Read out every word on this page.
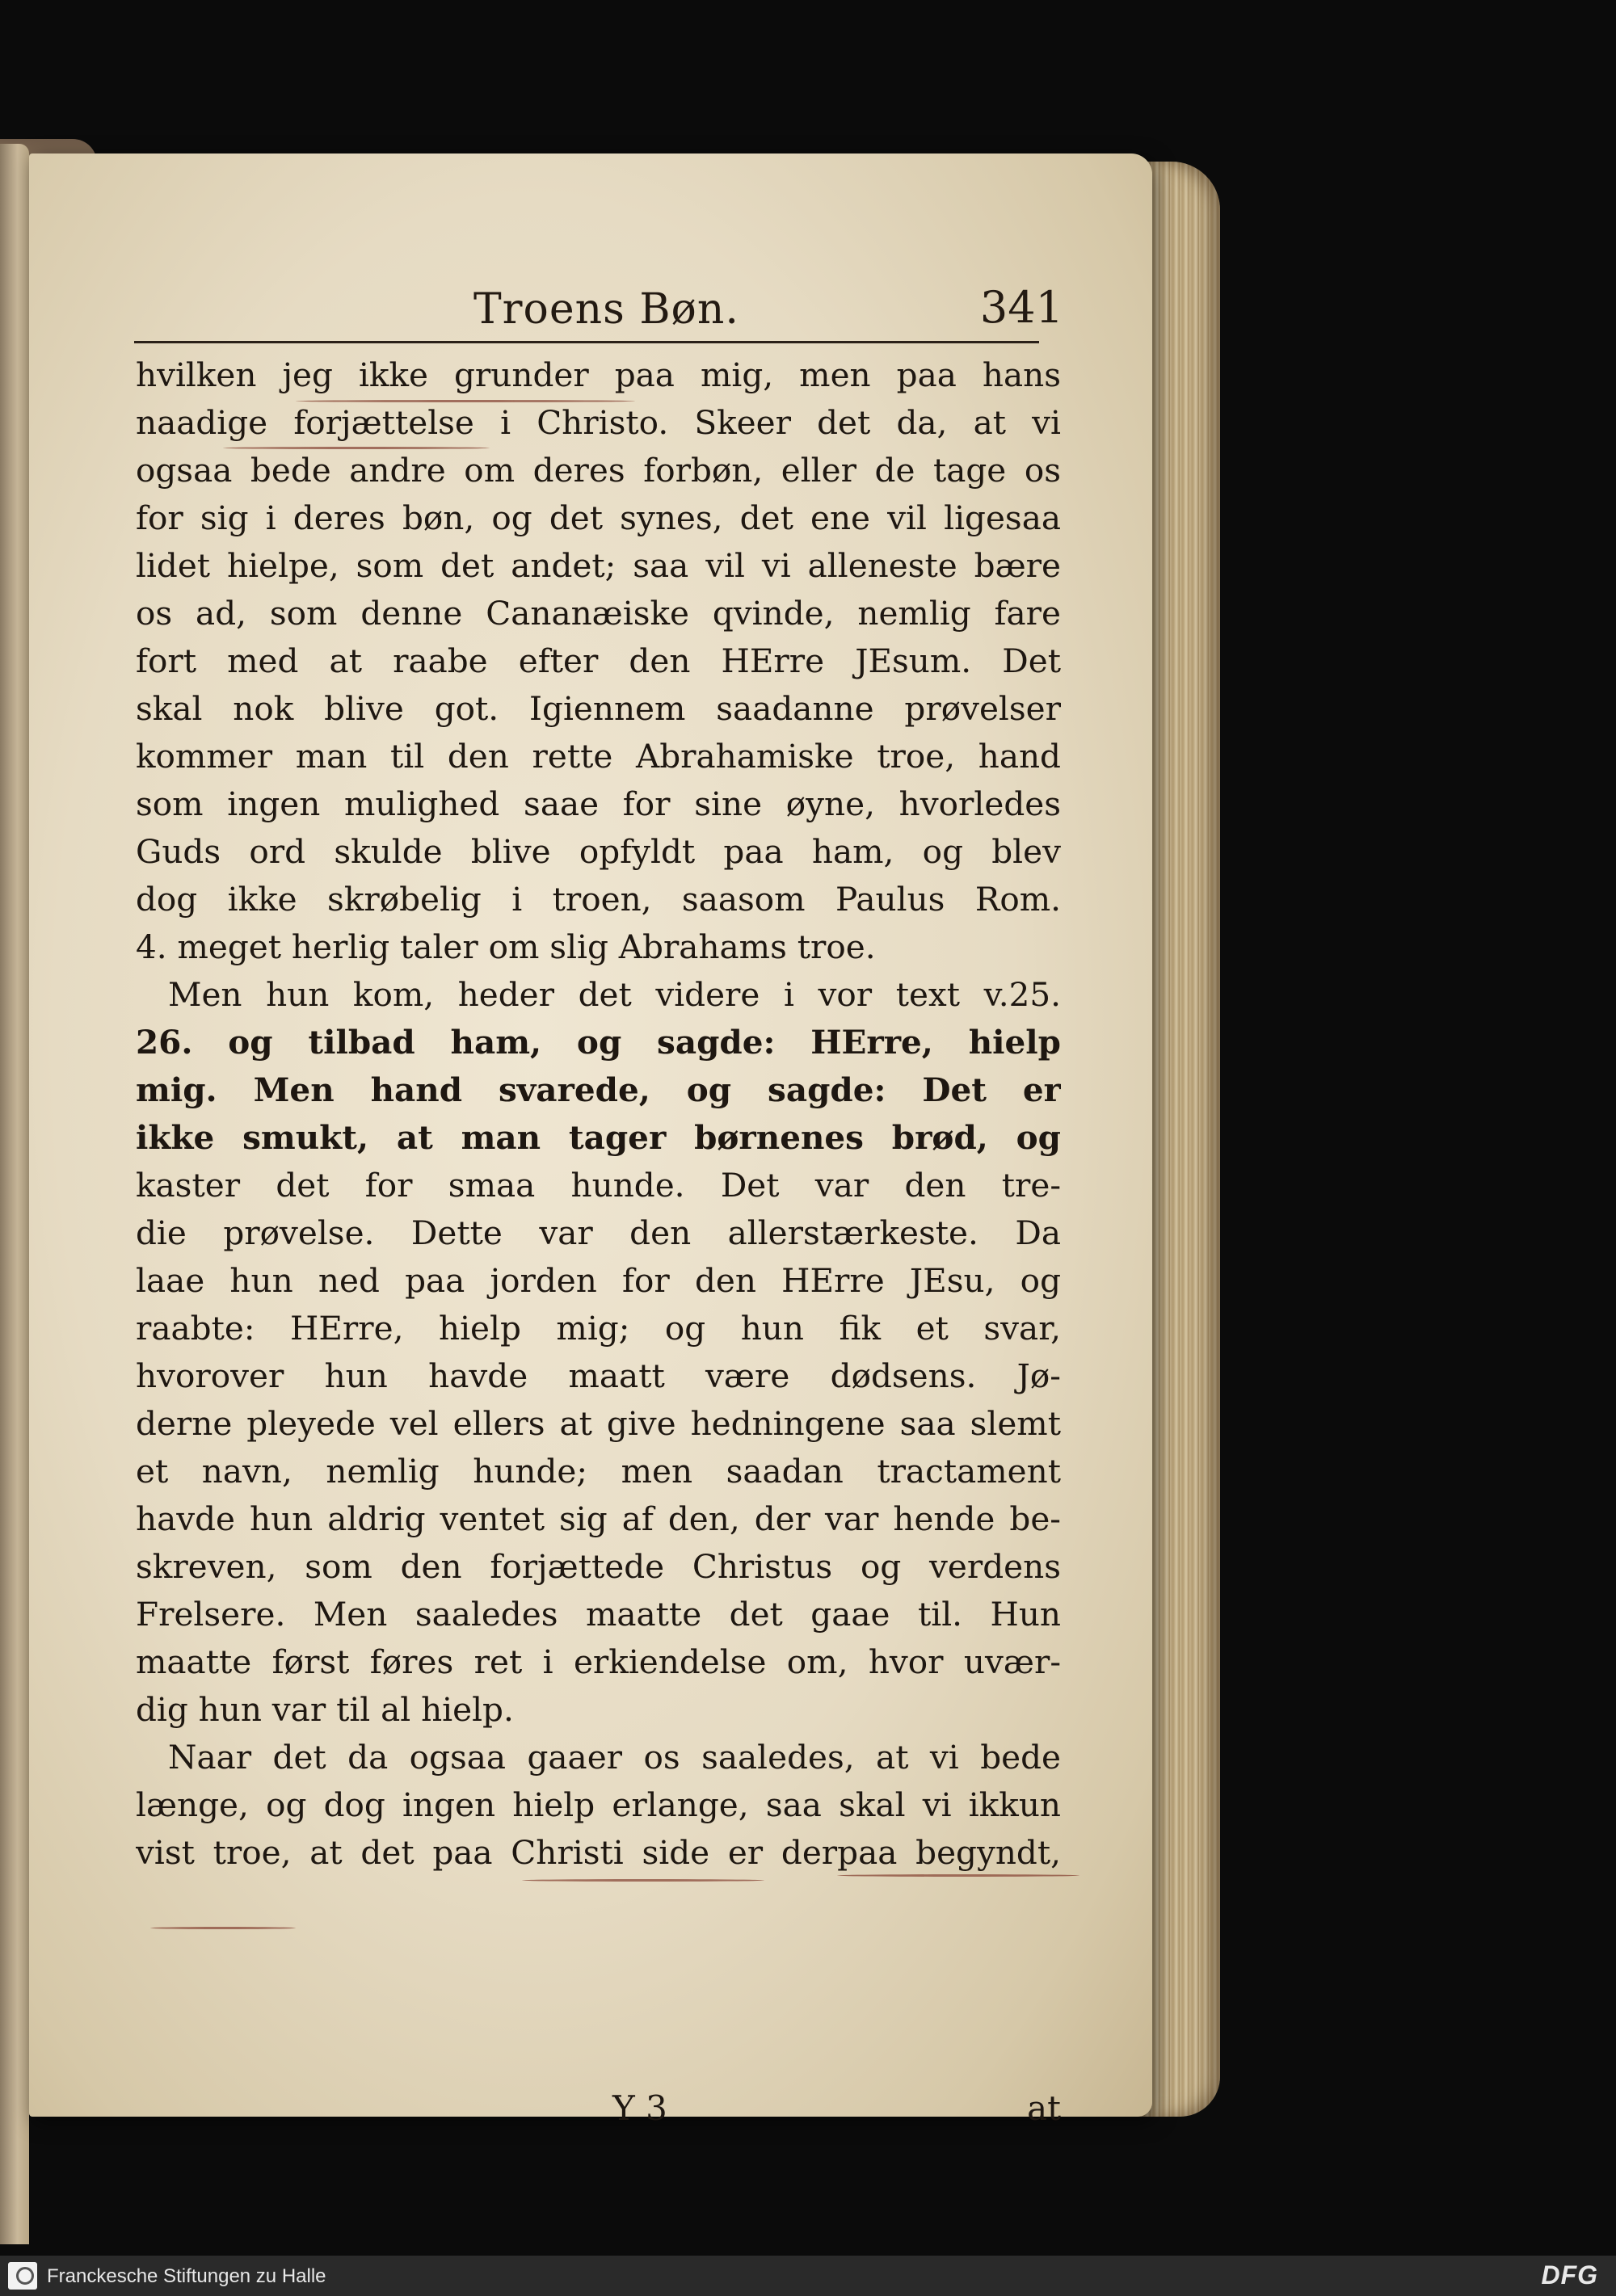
Troens Bøn.	341
hvilken jeg ikke grunder paa mig, men paa hans
naadige forjættelse i Christo. Skeer det da, at vi
ogsaa bede andre om deres forbøn, eller de tage os
for sig i deres bøn, og det synes, det ene vil ligesaa
lidet hielpe, som det andet; saa vil vi alleneste bære
os ad, som denne Cananæiske qvinde, nemlig fare
fort med at raabe efter den HErre JEsum. Det
skal nok blive got. Igiennem saadanne prøvelser
kommer man til den rette Abrahamiske troe, hand
som ingen mulighed saae for sine øyne, hvorledes
Guds ord skulde blive opfyldt paa ham, og blev
dog ikke skrøbelig i troen, saasom Paulus Rom.
4. meget herlig taler om slig Abrahams troe.
Men hun kom, heder det videre i vor text v.25.
26. og tilbad ham, og sagde: HErre, hielp
mig. Men hand svarede, og sagde: Det er
ikke smukt, at man tager børnenes brød, og
kaster det for smaa hunde. Det var den tre-
die prøvelse. Dette var den allerstærkeste. Da
laae hun ned paa jorden for den HErre JEsu, og
raabte: HErre, hielp mig; og hun fik et svar,
hvorover hun havde maatt være dødsens. Jø-
derne pleyede vel ellers at give hedningene saa slemt
et navn, nemlig hunde; men saadan tractament
havde hun aldrig ventet sig af den, der var hende be-
skreven, som den forjættede Christus og verdens
Frelsere. Men saaledes maatte det gaae til. Hun
maatte først føres ret i erkiendelse om, hvor uvær-
dig hun var til al hielp.
Naar det da ogsaa gaaer os saaledes, at vi bede
længe, og dog ingen hielp erlange, saa skal vi ikkun
vist troe, at det paa Christi side er derpaa begyndt,
Y 3	at
Franckesche Stiftungen zu Halle	DFG
